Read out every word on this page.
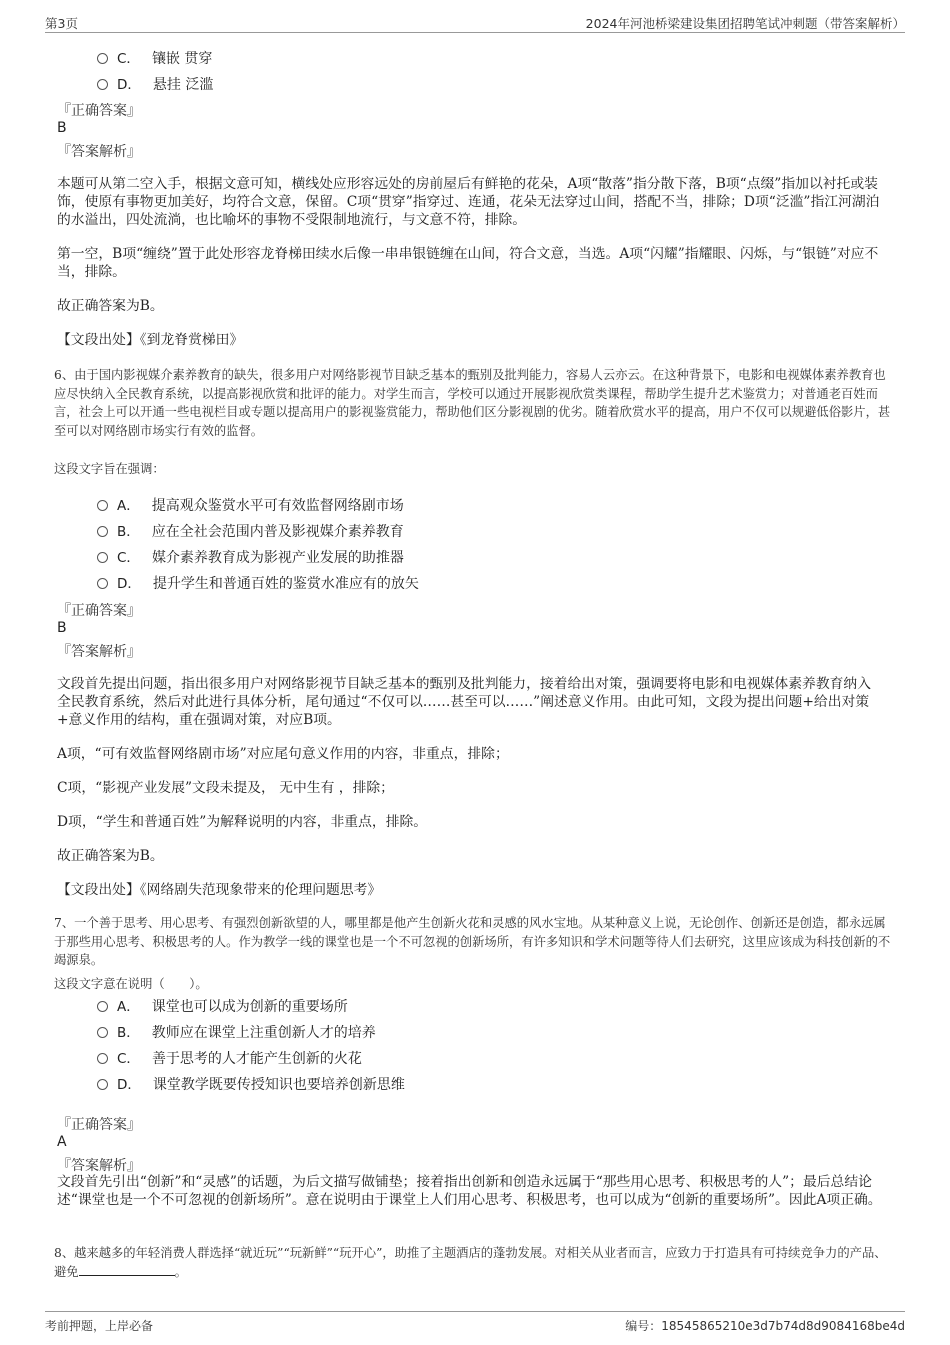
第3页	2024年河池桥梁建设集团招聘笔试冲刺题（带答案解析）
C． 镶嵌 贯穿
D． 悬挂 泛滥
『正确答案』
B
『答案解析』
本题可从第二空入手，根据文意可知，横线处应形容远处的房前屋后有鲜艳的花朵，A项“散落”指分散下落，B项“点缀”指加以衬托或装饰，使原有事物更加美好，均符合文意，保留。C项“贯穿”指穿过、连通，花朵无法穿过山间，搭配不当，排除；D项“泛滥”指江河湖泊的水溢出，四处流淌，也比喻坏的事物不受限制地流行，与文意不符，排除。
第一空，B项“缠绕”置于此处形容龙脊梯田续水后像一串串银链缠在山间，符合文意，当选。A项“闪耀”指耀眼、闪烁，与“银链”对应不当，排除。
故正确答案为B。
【文段出处】《到龙脊赏梯田》
6、由于国内影视媒介素养教育的缺失，很多用户对网络影视节目缺乏基本的甄别及批判能力，容易人云亦云。在这种背景下，电影和电视媒体素养教育也应尽快纳入全民教育系统，以提高影视欣赏和批评的能力。对学生而言，学校可以通过开展影视欣赏类课程，帮助学生提升艺术鉴赏力；对普通老百姓而言，社会上可以开通一些电视栏目或专题以提高用户的影视鉴赏能力，帮助他们区分影视剧的优劣。随着欣赏水平的提高，用户不仅可以规避低俗影片，甚至可以对网络剧市场实行有效的监督。
这段文字旨在强调：
A． 提高观众鉴赏水平可有效监督网络剧市场
B． 应在全社会范围内普及影视媒介素养教育
C． 媒介素养教育成为影视产业发展的助推器
D． 提升学生和普通百姓的鉴赏水准应有的放矢
『正确答案』
B
『答案解析』
文段首先提出问题，指出很多用户对网络影视节目缺乏基本的甄别及批判能力，接着给出对策，强调要将电影和电视媒体素养教育纳入全民教育系统，然后对此进行具体分析，尾句通过“不仅可以……甚至可以……”阐述意义作用。由此可知，文段为提出问题+给出对策+意义作用的结构，重在强调对策，对应B项。
A项，“可有效监督网络剧市场”对应尾句意义作用的内容，非重点，排除；
C项，“影视产业发展”文段未提及， 无中生有 ，排除；
D项，“学生和普通百姓”为解释说明的内容，非重点，排除。
故正确答案为B。
【文段出处】《网络剧失范现象带来的伦理问题思考》
7、一个善于思考、用心思考、有强烈创新欲望的人，哪里都是他产生创新火花和灵感的风水宝地。从某种意义上说，无论创作、创新还是创造，都永远属于那些用心思考、积极思考的人。作为教学一线的课堂也是一个不可忽视的创新场所，有许多知识和学术问题等待人们去研究，这里应该成为科技创新的不竭源泉。
这段文字意在说明（　　）。
A． 课堂也可以成为创新的重要场所
B． 教师应在课堂上注重创新人才的培养
C． 善于思考的人才能产生创新的火花
D． 课堂教学既要传授知识也要培养创新思维
『正确答案』
A
『答案解析』
文段首先引出“创新”和“灵感”的话题，为后文描写做铺垫；接着指出创新和创造永远属于“那些用心思考、积极思考的人”；最后总结论述“课堂也是一个不可忽视的创新场所”。意在说明由于课堂上人们用心思考、积极思考，也可以成为“创新的重要场所”。因此A项正确。
8、越来越多的年轻消费人群选择“就近玩”“玩新鲜”“玩开心”，助推了主题酒店的蓬勃发展。对相关从业者而言，应致力于打造具有可持续竞争力的产品、避免	。
考前押题，上岸必备	编号：18545865210e3d7b74d8d9084168be4d
